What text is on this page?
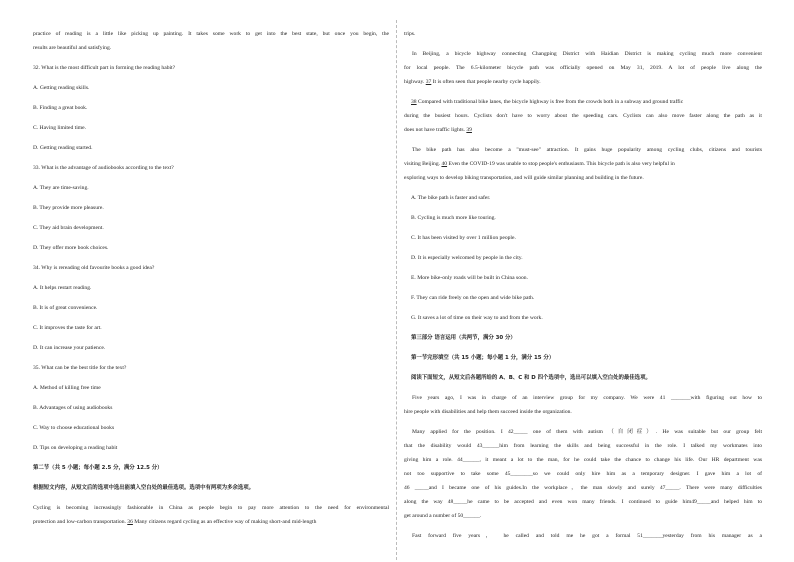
practice of reading is a little like picking up painting. It takes some work to get into the best state, but once you begin, the
results are beautiful and satisfying.
32. What is the most difficult part in forming the reading habit?
A. Getting reading skills.
B. Finding a great book.
C. Having limited time.
D. Getting reading started.
33. What is the advantage of audiobooks according to the text?
A. They are time-saving.
B. They provide more pleasure.
C. They aid brain development.
D. They offer more book choices.
34. Why is rereading old favourite books a good idea?
A. It helps restart reading.
B. It is of great convenience.
C. It improves the taste for art.
D. It can increase your patience.
35. What can be the best title for the text?
A. Method of killing free time
B. Advantages of using audiobooks
C. Way to choose educational books
D. Tips on developing a reading habit
第二节（共 5 小题；每小题 2.5 分，满分 12.5 分）
根据短文内容，从短文后的选项中选出能填入空白处的最佳选项。选项中有两项为多余选项。
Cycling is becoming increasingly fashionable in China as people begin to pay more attention to the need for environmental
protection and low-carbon transportation. 36 Many citizens regard cycling as an effective way of making short-and mid-length
trips.
In Beijing, a bicycle highway connecting Changping District with Haidian District is making cycling much more convenient
for local people. The 6.5-kilometer bicycle path was officially opened on May 31, 2019. A lot of people live along the
highway. 37 It is often seen that people nearby cycle happily.
38 Compared with traditional bike lanes, the bicycle highway is free from the crowds both in a subway and ground traffic
during the busiest hours. Cyclists don't have to worry about the speeding cars. Cyclists can also move faster along the path as it
does not have traffic lights. 39
The bike path has also become a "must-see" attraction. It gains huge popularity among cycling clubs, citizens and tourists
visiting Beijing. 40 Even the COVID-19 was unable to stop people's enthusiasm. This bicycle path is also very helpful in
exploring ways to develop biking transportation, and will guide similar planning and building in the future.
A. The bike path is faster and safer.
B. Cycling is much more like touring.
C. It has been visited by over 1 million people.
D. It is especially welcomed by people in the city.
E. More bike-only roads will be built in China soon.
F. They can ride freely on the open and wide bike path.
G. It saves a lot of time on their way to and from the work.
第三部分 语言运用（共两节，满分 30 分）
第一节完形填空（共 15 小题；每小题 1 分，满分 15 分）
阅读下面短文，从短文后各题所给的 A、B、C 和 D 四个选项中，选出可以填入空白处的最佳选项。
Five years ago, I was in charge of an interview group for my company. We were 41 _______with figuring out how to
hire people with disabilities and help them succeed inside the organization.
Many applied for the position. I 42_____ one of them with autism （自闭症）. He was suitable but our group felt
that the disability would 43______him from learning the skills and being successful in the role. I talked my workmates into
giving him a role. 44______, it meant a lot to the man, for he could take the chance to change his life. Our HR department was
not too supportive to take some 45________so we could only hire him as a temporary designer. I gave him a lot of
46 _____and I became one of his guides.In the workplace，the man slowly and surely 47_____. There were many difficulties
along the way 48_____he came to be accepted and even won many friends. I continued to guide him49_____and helped him to
get around a number of 50______.
Fast forward five years， he called and told me he got a formal 51_______yesterday from his manager as a
